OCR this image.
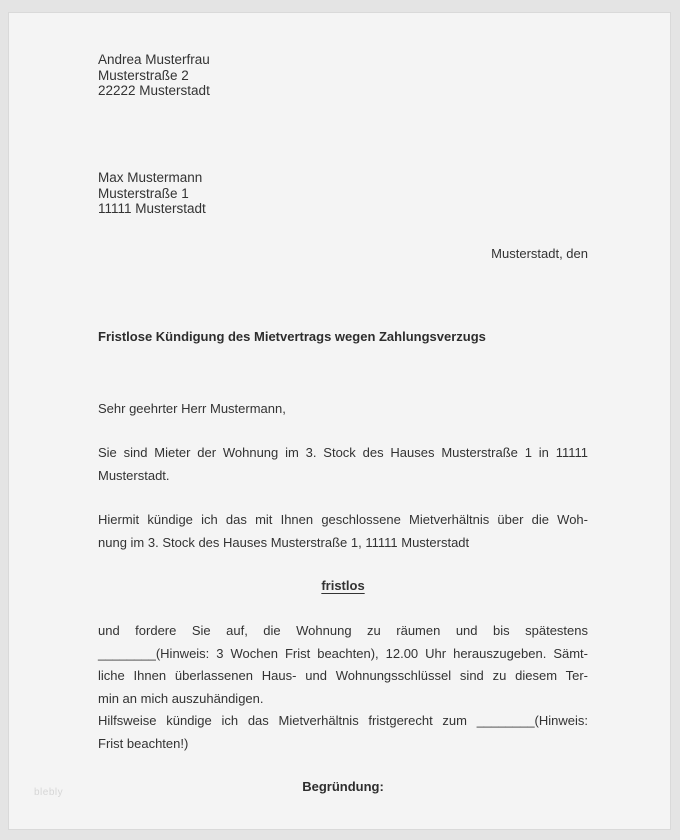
Andrea Musterfrau
Musterstraße 2
22222 Musterstadt
Max Mustermann
Musterstraße 1
11111 Musterstadt
Musterstadt, den
Fristlose Kündigung des Mietvertrags wegen Zahlungsverzugs
Sehr geehrter Herr Mustermann,
Sie sind Mieter der Wohnung im 3. Stock des Hauses Musterstraße 1 in 11111
Musterstadt.
Hiermit kündige ich das mit Ihnen geschlossene Mietverhältnis über die Woh-
nung im 3. Stock des Hauses Musterstraße 1, 11111 Musterstadt
fristlos
und fordere Sie auf, die Wohnung zu räumen und bis spätestens
________(Hinweis: 3 Wochen Frist beachten), 12.00 Uhr herauszugeben. Sämt-
liche Ihnen überlassenen Haus- und Wohnungsschlüssel sind zu diesem Ter-
min an mich auszuhändigen.
Hilfsweise kündige ich das Mietverhältnis fristgerecht zum ________(Hinweis:
Frist beachten!)
Begründung:
blebly
